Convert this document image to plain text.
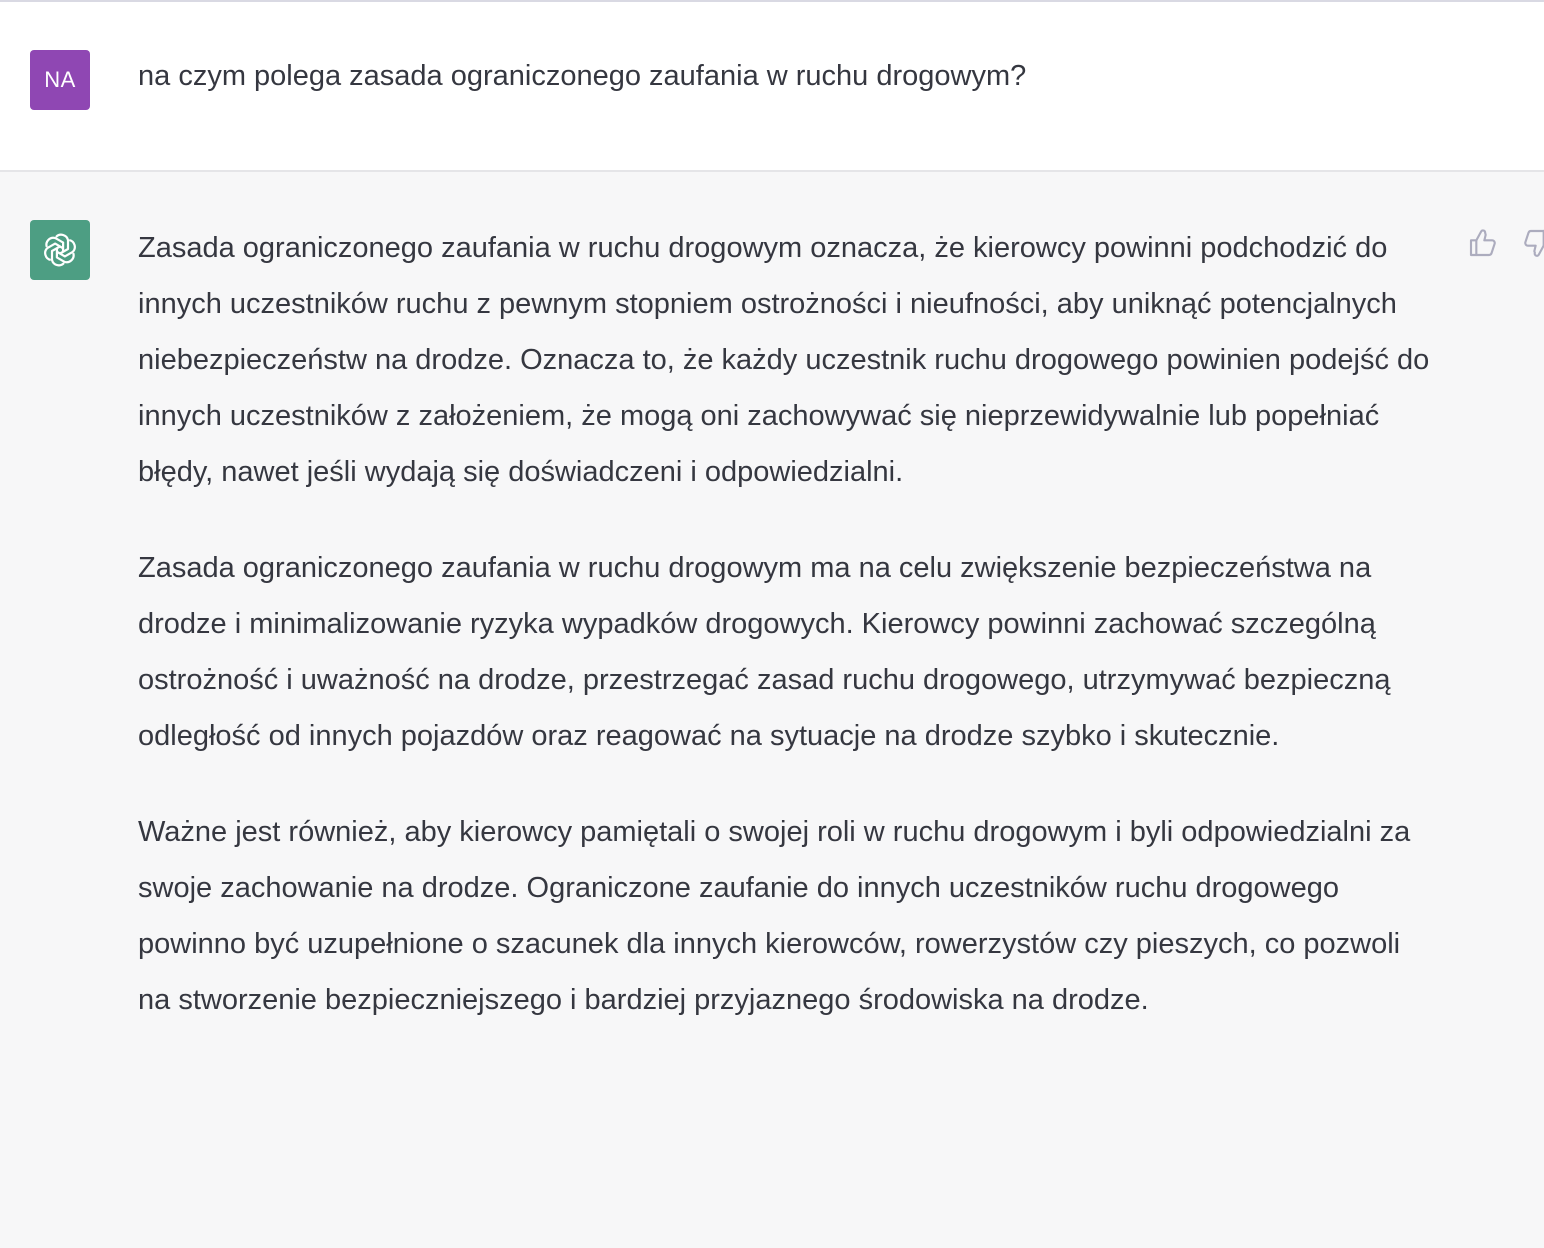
NA	na czym polega zasada ograniczonego zaufania w ruchu drogowym?

Zasada ograniczonego zaufania w ruchu drogowym oznacza, że kierowcy powinni podchodzić do innych uczestników ruchu z pewnym stopniem ostrożności i nieufności, aby uniknąć potencjalnych niebezpieczeństw na drodze. Oznacza to, że każdy uczestnik ruchu drogowego powinien podejść do innych uczestników z założeniem, że mogą oni zachowywać się nieprzewidywalnie lub popełniać błędy, nawet jeśli wydają się doświadczeni i odpowiedzialni.

Zasada ograniczonego zaufania w ruchu drogowym ma na celu zwiększenie bezpieczeństwa na drodze i minimalizowanie ryzyka wypadków drogowych. Kierowcy powinni zachować szczególną ostrożność i uważność na drodze, przestrzegać zasad ruchu drogowego, utrzymywać bezpieczną odległość od innych pojazdów oraz reagować na sytuacje na drodze szybko i skutecznie.

Ważne jest również, aby kierowcy pamiętali o swojej roli w ruchu drogowym i byli odpowiedzialni za swoje zachowanie na drodze. Ograniczone zaufanie do innych uczestników ruchu drogowego powinno być uzupełnione o szacunek dla innych kierowców, rowerzystów czy pieszych, co pozwoli na stworzenie bezpieczniejszego i bardziej przyjaznego środowiska na drodze.
